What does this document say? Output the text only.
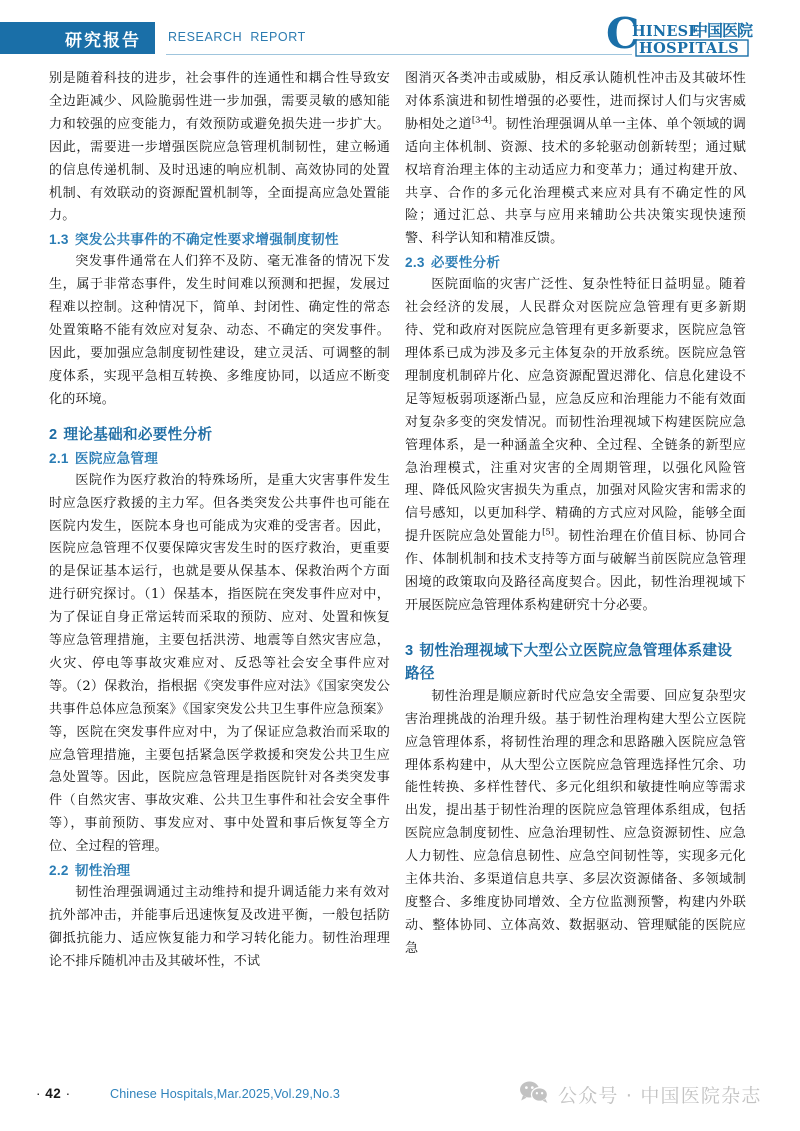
研究报告	RESEARCH  REPORT	C
HINESE
中国医院
HOSPITALS

别是随着科技的进步，社会事件的连通性和耦合性导致安全边距减少、风险脆弱性进一步加强，需要灵敏的感知能力和较强的应变能力，有效预防或避免损失进一步扩大。因此，需要进一步增强医院应急管理机制韧性，建立畅通的信息传递机制、及时迅速的响应机制、高效协同的处置机制、有效联动的资源配置机制等，全面提高应急处置能力。

1.3 突发公共事件的不确定性要求增强制度韧性

突发事件通常在人们猝不及防、毫无准备的情况下发生，属于非常态事件，发生时间难以预测和把握，发展过程难以控制。这种情况下，简单、封闭性、确定性的常态处置策略不能有效应对复杂、动态、不确定的突发事件。因此，要加强应急制度韧性建设，建立灵活、可调整的制度体系，实现平急相互转换、多维度协同，以适应不断变化的环境。

2 理论基础和必要性分析
2.1 医院应急管理

医院作为医疗救治的特殊场所，是重大灾害事件发生时应急医疗救援的主力军。但各类突发公共事件也可能在医院内发生，医院本身也可能成为灾难的受害者。因此，医院应急管理不仅要保障灾害发生时的医疗救治，更重要的是保证基本运行，也就是要从保基本、保救治两个方面进行研究探讨。（1）保基本，指医院在突发事件应对中，为了保证自身正常运转而采取的预防、应对、处置和恢复等应急管理措施，主要包括洪涝、地震等自然灾害应急，火灾、停电等事故灾难应对、反恐等社会安全事件应对等。（2）保救治，指根据《突发事件应对法》《国家突发公共事件总体应急预案》《国家突发公共卫生事件应急预案》等，医院在突发事件应对中，为了保证应急救治而采取的应急管理措施，主要包括紧急医学救援和突发公共卫生应急处置等。因此，医院应急管理是指医院针对各类突发事件（自然灾害、事故灾难、公共卫生事件和社会安全事件等），事前预防、事发应对、事中处置和事后恢复等全方位、全过程的管理。

2.2 韧性治理

韧性治理强调通过主动维持和提升调适能力来有效对抗外部冲击，并能事后迅速恢复及改进平衡，一般包括防御抵抗能力、适应恢复能力和学习转化能力。韧性治理理论不排斥随机冲击及其破坏性，不试

图消灭各类冲击或威胁，相反承认随机性冲击及其破坏性对体系演进和韧性增强的必要性，进而探讨人们与灾害威胁相处之道[3-4]。韧性治理强调从单一主体、单个领域的调适向主体机制、资源、技术的多轮驱动创新转型；通过赋权培育治理主体的主动适应力和变革力；通过构建开放、共享、合作的多元化治理模式来应对具有不确定性的风险；通过汇总、共享与应用来辅助公共决策实现快速预警、科学认知和精准反馈。

2.3 必要性分析

医院面临的灾害广泛性、复杂性特征日益明显。随着社会经济的发展，人民群众对医院应急管理有更多新期待、党和政府对医院应急管理有更多新要求，医院应急管理体系已成为涉及多元主体复杂的开放系统。医院应急管理制度机制碎片化、应急资源配置迟滞化、信息化建设不足等短板弱项逐渐凸显，应急反应和治理能力不能有效面对复杂多变的突发情况。而韧性治理视域下构建医院应急管理体系，是一种涵盖全灾种、全过程、全链条的新型应急治理模式，注重对灾害的全周期管理，以强化风险管理、降低风险灾害损失为重点，加强对风险灾害和需求的信号感知，以更加科学、精确的方式应对风险，能够全面提升医院应急处置能力[5]。韧性治理在价值目标、协同合作、体制机制和技术支持等方面与破解当前医院应急管理困境的政策取向及路径高度契合。因此，韧性治理视域下开展医院应急管理体系构建研究十分必要。

3 韧性治理视域下大型公立医院应急管理体系建设路径

韧性治理是顺应新时代应急安全需要、回应复杂型灾害治理挑战的治理升级。基于韧性治理构建大型公立医院应急管理体系，将韧性治理的理念和思路融入医院应急管理体系构建中，从大型公立医院应急管理选择性冗余、功能性转换、多样性替代、多元化组织和敏捷性响应等需求出发，提出基于韧性治理的医院应急管理体系组成，包括医院应急制度韧性、应急治理韧性、应急资源韧性、应急人力韧性、应急信息韧性、应急空间韧性等，实现多元化主体共治、多渠道信息共享、多层次资源储备、多领域制度整合、多维度协同增效、全方位监测预警，构建内外联动、整体协同、立体高效、数据驱动、管理赋能的医院应急

· 42 ·	Chinese Hospitals,Mar.2025,Vol.29,No.3	公众号 · 中国医院杂志
